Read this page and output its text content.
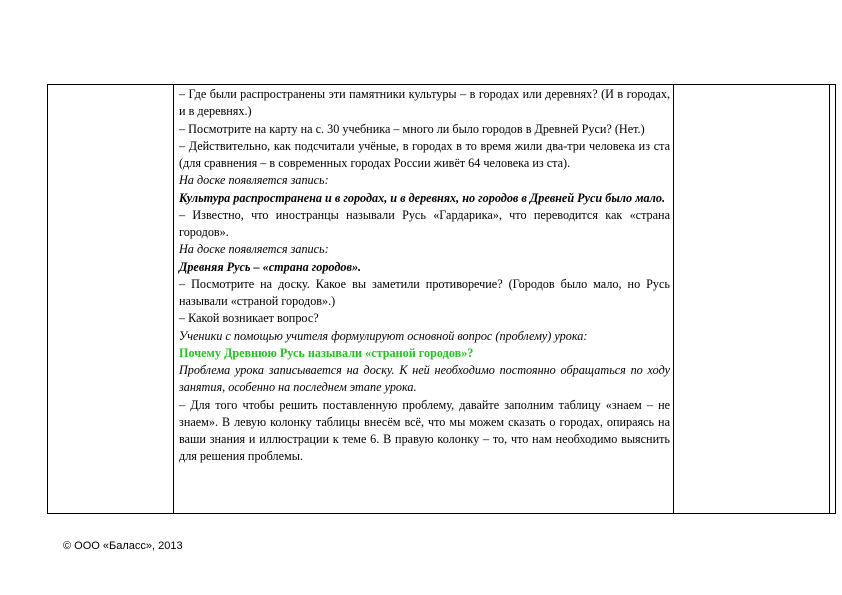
– Где были распространены эти памятники культуры – в городах или деревнях? (И в городах, и в деревнях.)

– Посмотрите на карту на с. 30 учебника – много ли было городов в Древней Руси? (Нет.)

– Действительно, как подсчитали учёные, в городах в то время жили два-три человека из ста (для сравнения – в современных городах России живёт 64 человека из ста).

На доске появляется запись:

Культура распространена и в городах, и в деревнях, но городов в Древней Руси было мало.

– Известно, что иностранцы называли Русь «Гардарика», что переводится как «страна городов».

На доске появляется запись:

Древняя Русь – «страна городов».

– Посмотрите на доску. Какое вы заметили противоречие? (Городов было мало, но Русь называли «страной городов».)

– Какой возникает вопрос?

Ученики с помощью учителя формулируют основной вопрос (проблему) урока:

Почему Древнюю Русь называли «страной городов»?

Проблема урока записывается на доску. К ней необходимо постоянно обращаться по ходу занятия, особенно на последнем этапе урока.

– Для того чтобы решить поставленную проблему, давайте заполним таблицу «знаем – не знаем». В левую колонку таблицы внесём всё, что мы можем сказать о городах, опираясь на ваши знания и иллюстрации к теме 6. В правую колонку – то, что нам необходимо выяснить для решения проблемы.

© ООО «Баласс», 2013
